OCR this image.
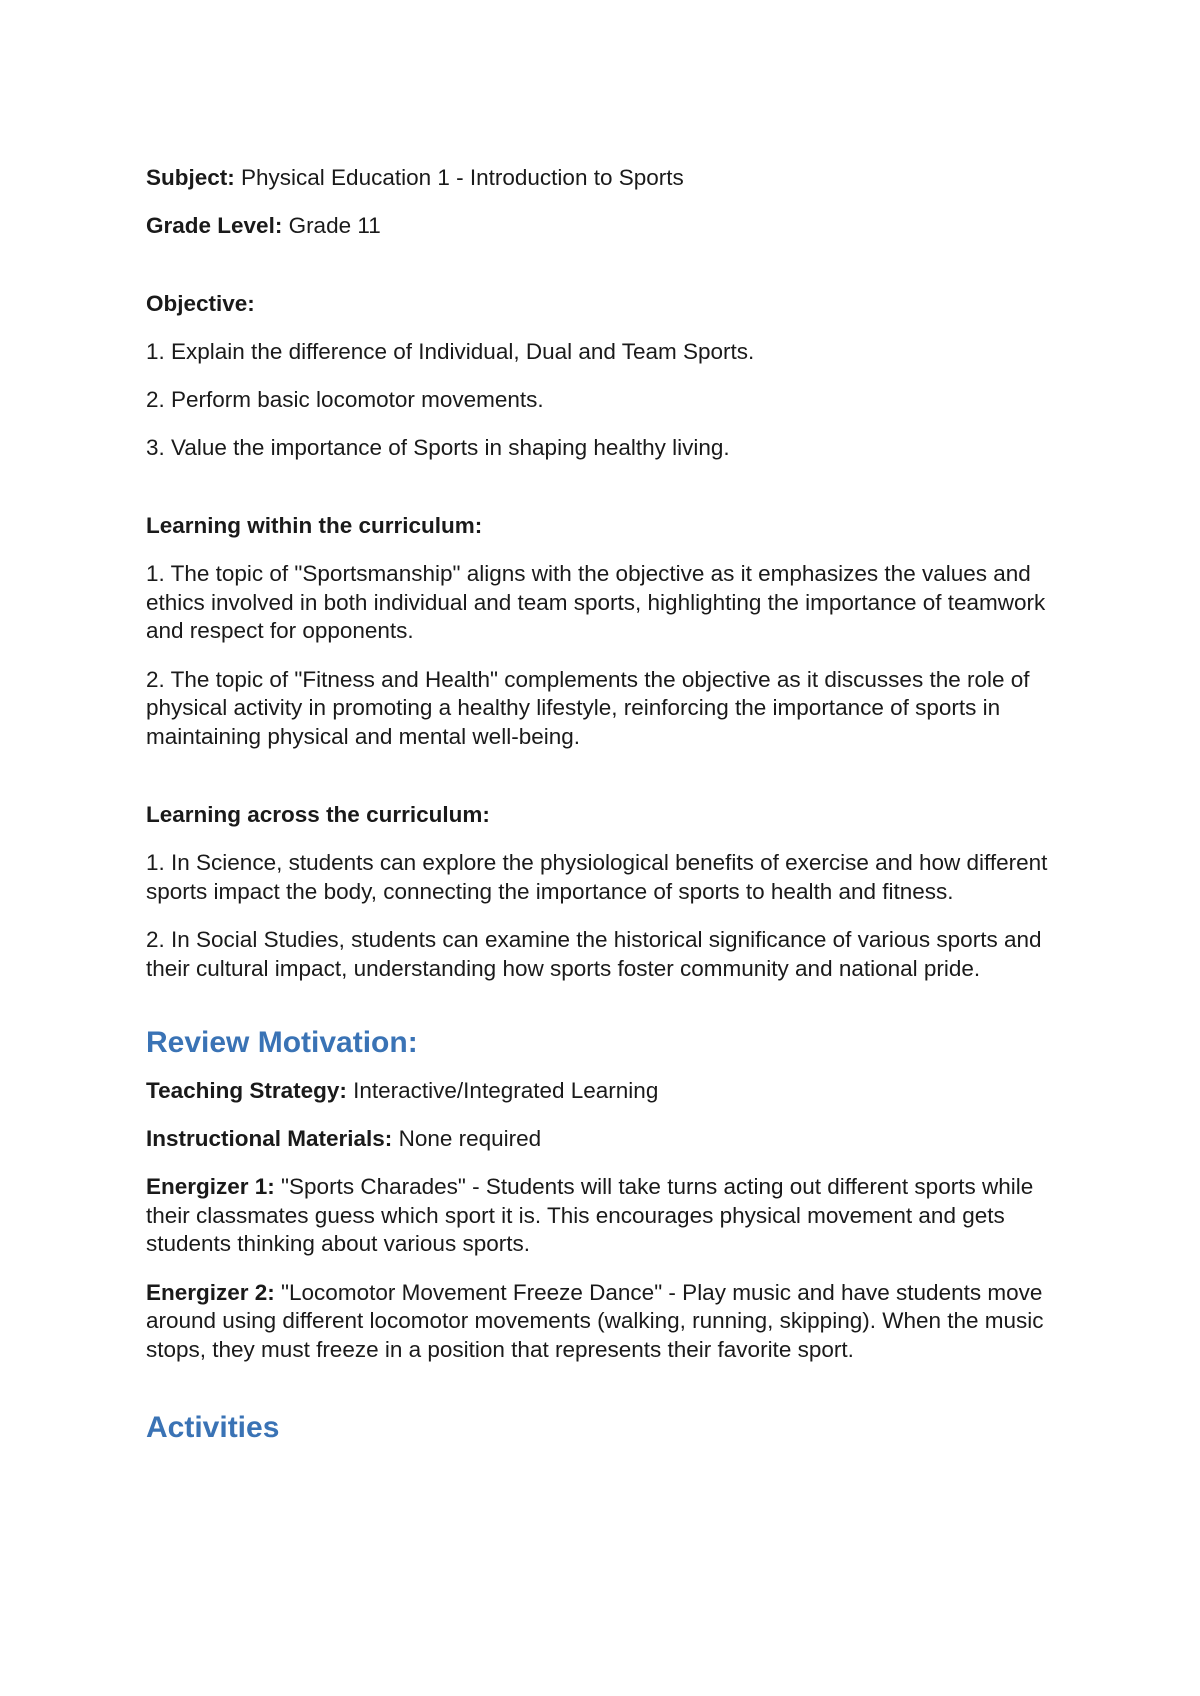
Subject: Physical Education 1 - Introduction to Sports

Grade Level: Grade 11

Objective:

1. Explain the difference of Individual, Dual and Team Sports.

2. Perform basic locomotor movements.

3. Value the importance of Sports in shaping healthy living.

Learning within the curriculum:

1. The topic of "Sportsmanship" aligns with the objective as it emphasizes the values and ethics involved in both individual and team sports, highlighting the importance of teamwork and respect for opponents.

2. The topic of "Fitness and Health" complements the objective as it discusses the role of physical activity in promoting a healthy lifestyle, reinforcing the importance of sports in maintaining physical and mental well-being.

Learning across the curriculum:

1. In Science, students can explore the physiological benefits of exercise and how different sports impact the body, connecting the importance of sports to health and fitness.

2. In Social Studies, students can examine the historical significance of various sports and their cultural impact, understanding how sports foster community and national pride.

Review Motivation:

Teaching Strategy: Interactive/Integrated Learning

Instructional Materials: None required

Energizer 1: "Sports Charades" - Students will take turns acting out different sports while their classmates guess which sport it is. This encourages physical movement and gets students thinking about various sports.

Energizer 2: "Locomotor Movement Freeze Dance" - Play music and have students move around using different locomotor movements (walking, running, skipping). When the music stops, they must freeze in a position that represents their favorite sport.

Activities
